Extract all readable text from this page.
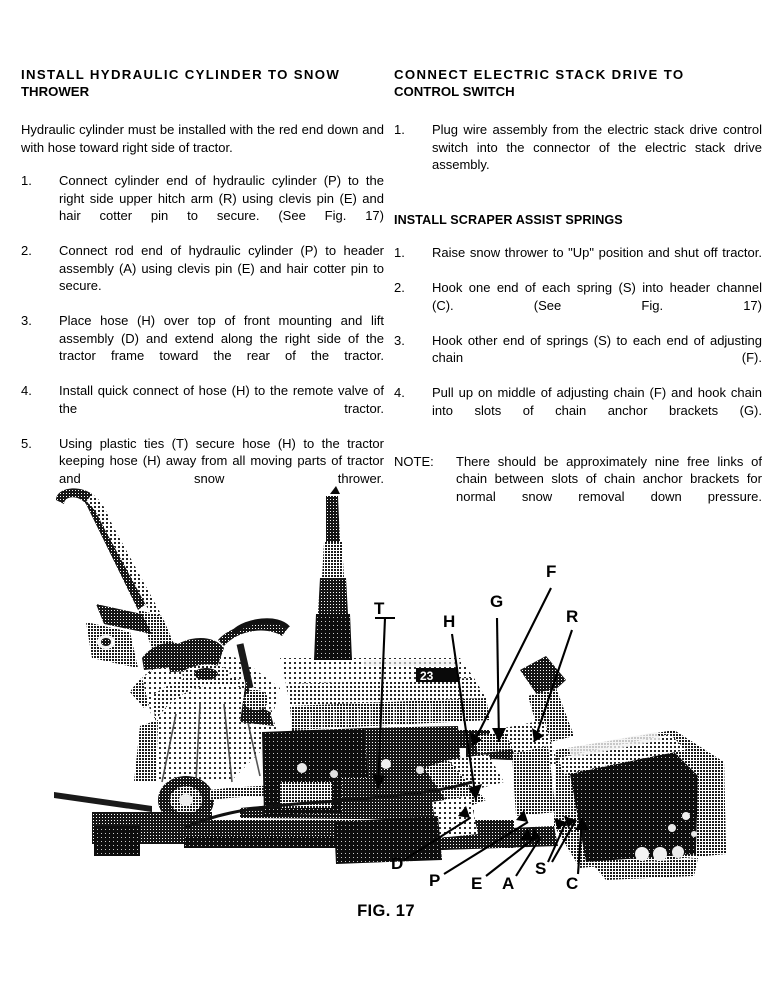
INSTALL HYDRAULIC CYLINDER TO SNOW
THROWER

Hydraulic cylinder must be installed with the red end down and with hose toward right side of tractor.

1.	Connect cylinder end of hydraulic cylinder (P) to the right side upper hitch arm (R) using clevis pin (E) and hair cotter pin to secure. (See Fig. 17)
2.	Connect rod end of hydraulic cylinder (P) to header assembly (A) using clevis pin (E) and hair cotter pin to secure.
3.	Place hose (H) over top of front mounting and lift assembly (D) and extend along the right side of the tractor frame toward the rear of the tractor.
4.	Install quick connect of hose (H) to the remote valve of the tractor.
5.	Using plastic ties (T) secure hose (H) to the tractor keeping hose (H) away from all moving parts of tractor and snow thrower.
CONNECT ELECTRIC STACK DRIVE TO
CONTROL SWITCH
1.	Plug wire assembly from the electric stack drive control switch into the connector of the electric stack drive assembly.
INSTALL SCRAPER ASSIST SPRINGS
1.	Raise snow thrower to "Up" position and shut off tractor.
2.	Hook one end of each spring (S) into header channel (C). (See Fig. 17)
3.	Hook other end of springs (S) to each end of adjusting chain (F).
4.	Pull up on middle of adjusting chain (F) and hook chain into slots of chain anchor brackets (G).
NOTE: There should be approximately nine free links of chain between slots of chain anchor brackets for normal snow removal down pressure.
23
T
H
G
F
R
D
P E A
S
C
FIG. 17
